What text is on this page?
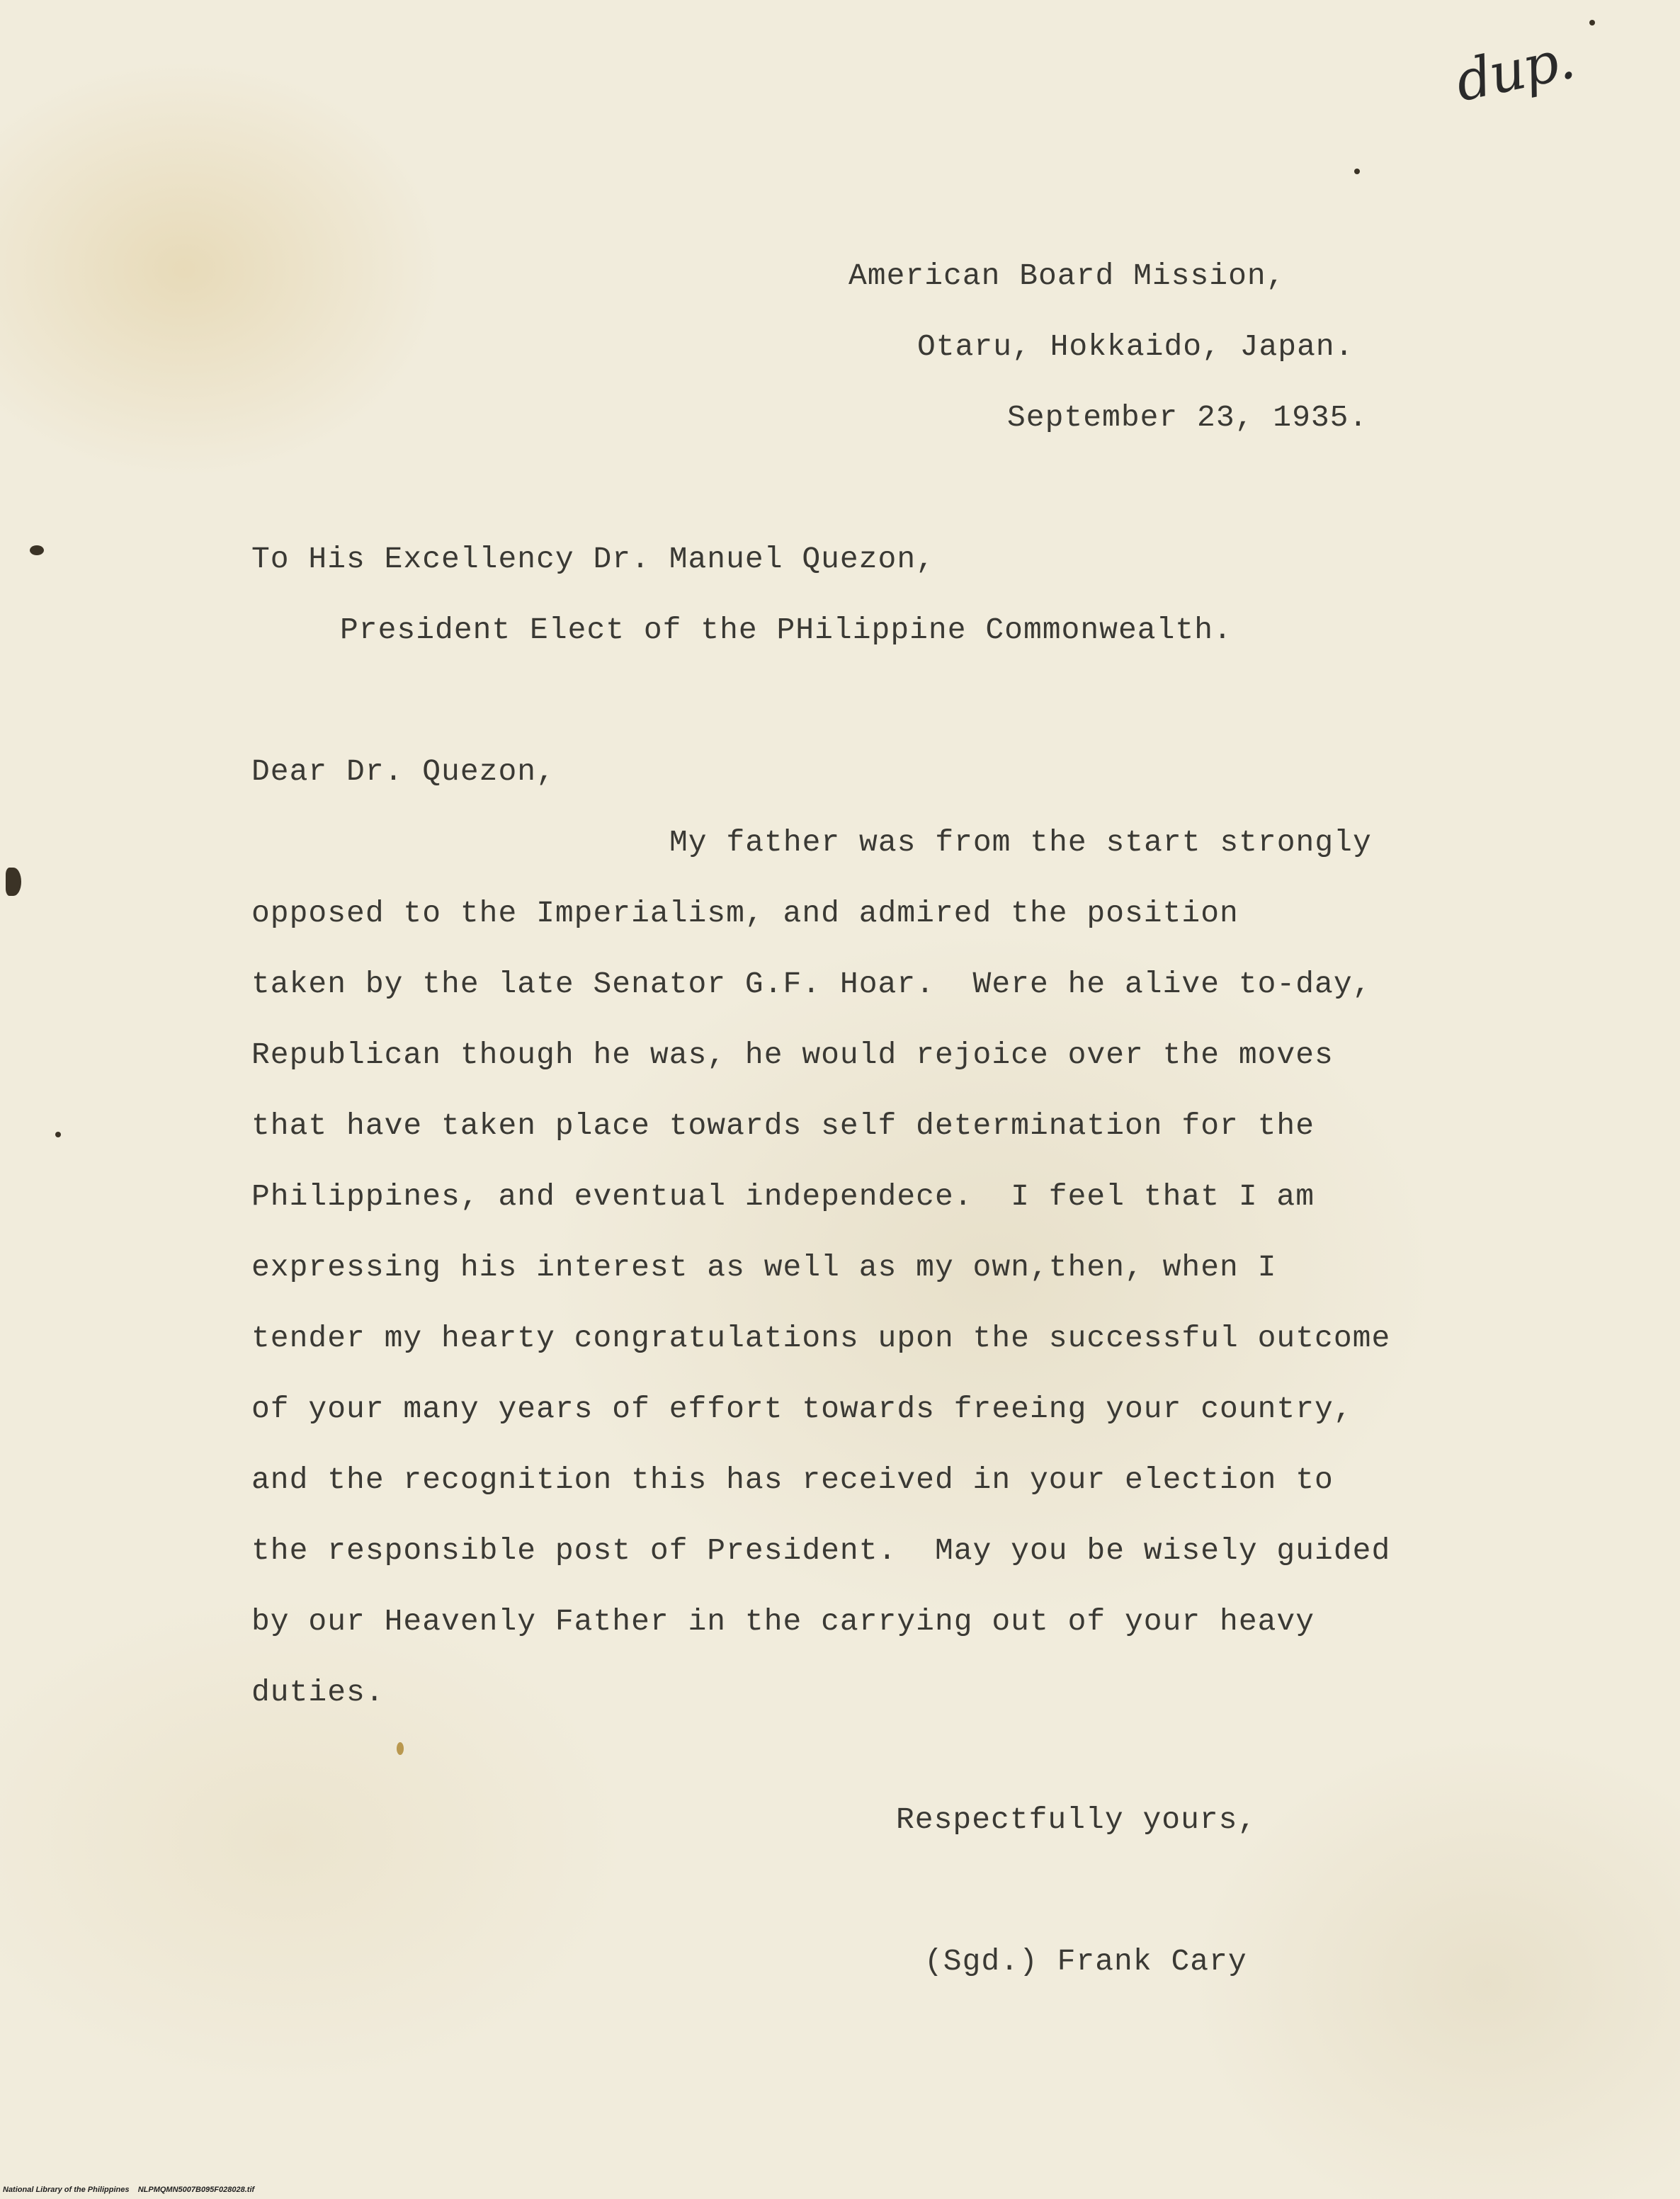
dup.

American Board Mission,

Otaru, Hokkaido, Japan.

September 23, 1935.

To His Excellency Dr. Manuel Quezon,

President Elect of the PHilippine Commonwealth.

Dear Dr. Quezon,

My father was from the start strongly

opposed to the Imperialism, and admired the position

taken by the late Senator G.F. Hoar.  Were he alive to-day,

Republican though he was, he would rejoice over the moves

that have taken place towards self determination for the

Philippines, and eventual independece.  I feel that I am

expressing his interest as well as my own,then, when I

tender my hearty congratulations upon the successful outcome

of your many years of effort towards freeing your country,

and the recognition this has received in your election to

the responsible post of President.  May you be wisely guided

by our Heavenly Father in the carrying out of your heavy

duties.

Respectfully yours,

(Sgd.) Frank Cary

National Library of the Philippines NLPMQMN5007B095F028028.tif
